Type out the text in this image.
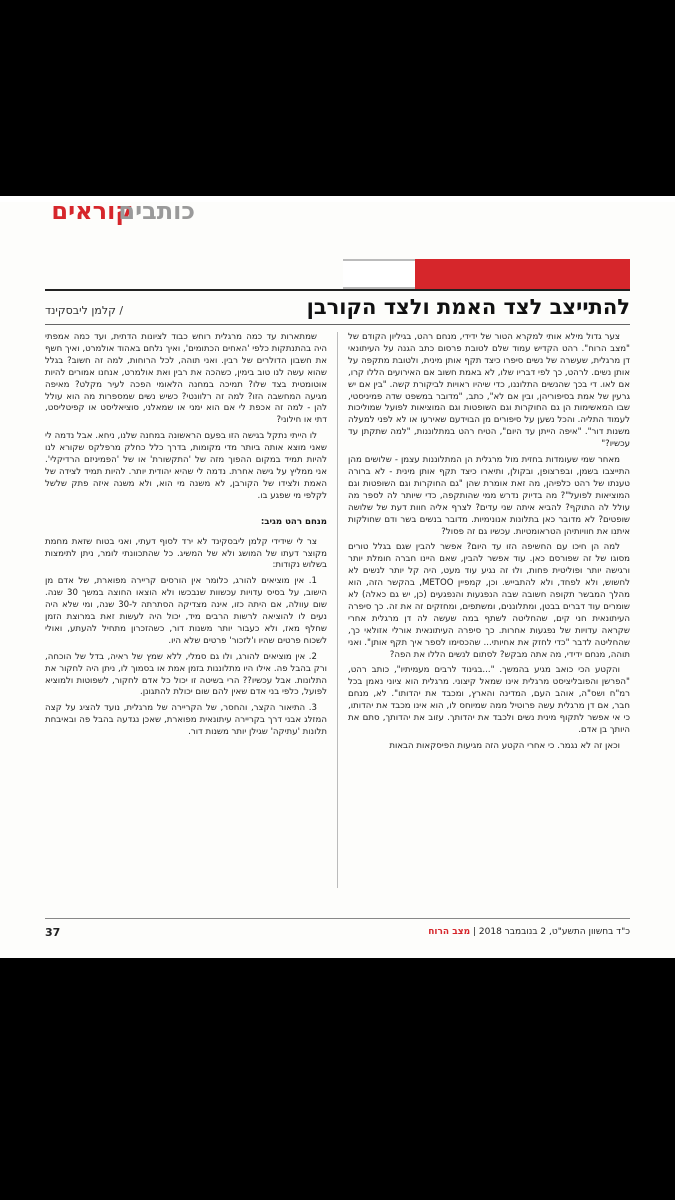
קוראים
כותבים
להתייצב לצד האמת ולצד הקורבן
/ קלמן ליבסקינד

צער גדול מילא אותי למקרא הטור של ידידי, מנחם רהט, בגיליון הקודם של "מצב הרוח". רהט הקדיש עמוד שלם לטובת פרסום כתב הגנה על העיתונאי דן מרגלית, שעשרה של נשים סיפרו כיצד תקף אותן מינית, ולטובת מתקפה על אותן נשים. לרהט, כך לפי דבריו שלו, לא באמת חשוב אם האירועים הללו קרו, אם לאו. די בכך שהנשים התלוננו, כדי שיהיו ראויות לביקורת קשה. "בין אם יש גרעין של אמת בסיפוריהן, ובין אם לא", כתב, "מדובר במשפט שדה פמיניסטי, שבו המאשימות הן גם החוקרות וגם השופטות וגם המוציאות לפועל שמוליכות לעמוד התליה. והכל נשען על סיפורים מן הבוידעם שאירעו או לא לפני למעלה משנות דור". "איפה הייתן עד היום", הטיח רהט במתלוננות, "למה שתקתן עד עכשיו?"

מאחר שמי שעומדות בחזית מול מרגלית הן המתלוננות עצמן - שלושים מהן התייצבו בשמן, ובפרצופן, ובקולן, ותיארו כיצד תקף אותן מינית - לא ברורה טענתו של רהט כלפיהן, מה זאת אומרת שהן "גם החוקרות וגם השופטות וגם המוציאות לפועל"? מה בדיוק נדרש ממי שהותקפה, כדי שיותר לה לספר מה עולל לה התוקף? להביא איתה שני עדים? לצרף אליה חוות דעת של שלושה שופטים? לא מדובר כאן בתלונות אנונימיות. מדובר בנשים בשר ודם שחולקות איתנו את חוויותיהן הטראומטיות. עכשיו גם זה פסול?

למה הן חיכו עם החשיפה הזו עד היום? אפשר להבין שגם בגלל טורים מסוגו של זה שפורסם כאן. עוד אפשר להבין, שאם היינו חברה חומלת יותר ורגישה יותר ופוליטית פחות, ולוּ זה נגיע עוד מעט, היה קל יותר לנשים לא לחשוש, ולא לפחד, ולא להתבייש. וכן, קמפיין METOO, בהקשר הזה, הוא מהלך המבשר תקופה חשובה שבה הנפגעות והנפגעים (כן, יש גם כאלה) לא שומרים עוד דברים בבטן, ומתלוננים, ומשתפים, ומחזקים זה את זה. כך סיפרה העיתונאית חני קים, שהחליטה לשתף במה שעשה לה דן מרגלית אחרי שקראה עדויות של נפגעות אחרות. כך סיפרה העיתונאית אורלי אזולאי כך, שהחליטה לדבר "כדי לחזק את אחיותי... שהכסימו לספר איך תקף אותן". ואני תוהה, מנחם ידידי, מה אתה מבקש? לסתום לנשים הללו את הפה?

והקטע הכי כואב מגיע בהמשך. "...בגינוד לרבים מעמיתיו", כותב רהט, "הפרשן והפובליציסט מרגלית אינו שמאל קיצוני. מרגלית הוא ציוני נאמן בכל רמ"ח ושס"ה, אוהב העם, המדינה והארץ, ומכבד את יהדותו". לא, מנחם חבר, אם דן מרגלית עשה פרוטיל ממה שמיוחס לו, הוא אינו מכבד את יהדותו, כי אי אפשר לתקוף מינית נשים ולכבד את יהדותך. עזוב את יהדותך, סתם את היותך בן אדם.

וכאן זה לא נגמר. כי אחרי הקטע הזה מגיעות הפיסקאות הבאות

שמתארות עד כמה מרגלית רוחש כבוד לציונות הדתית, ועד כמה אמפתי היה בהתנתקות כלפי 'האחים הכתומים', ואיך נלחם באהוד אולמרט, ואיך חשף את חשבון הדולרים של רבין. ואני תוהה, לכל הרוחות, למה זה חשוב? בגלל שהוא עשה לנו טוב בימין, כשהכה את רבין ואת אולמרט, אנחנו אמורים להיות אוטומטית בצד שלו? תמיכה במחנה הלאומי הפכה לעיר מקלט? מאיפה מגיעה המחשבה הזו? למה זה רלוונטי? כשיש נשים שמספרות מה הוא עולל להן - למה זה אכפת לי אם הוא ימני או שמאלני, סוציאליסט או קפיטליסט, דתי או חילוני?

לו הייתי נתקל בגישה הזו בפעם הראשונה במחנה שלנו, ניחא. אבל נדמה לי שאני מוצא אותה ביותר מדי מקומות, בדרך כלל כחלק מרפלקס שקורא לנו להיות תמיד במקום ההפוך מזה של 'התקשורת' או של 'הפמיניזם הרדיקלי'. אני ממליץ על גישה אחרת. נדמה לי שהיא יהודית יותר. להיות תמיד לצידה של האמת ולצידו של הקורבן, לא משנה מי הוא, ולא משנה איזה פתק שלשל לקלפי מי שפגע בו.

מנחם רהט מגיב:

צר לי שידידי קלמן ליבסקינד לא ירד לסוף דעתי, ואני בטוח שזאת מחמת מקוצר דעתו של המושג ולא של המשיג. כל שהתכוונתי לומר, ניתן לתימצות בשלוש נקודות:

1. אין מוציאים להורג, כלומר אין הורסים קריירה מפוארת, של אדם מן הישוב, על בסיס עדויות עכשוות שנבכשו ולא הוצאו החוצה במשך 30 שנה. שום עוולה, אם היתה כזו, אינה מצדיקה הסתרתה ל-30 שנה, ומי שלא היה נעים לו להוציאה לרשות הרבים מיד, יכול היה לעשות זאת במרוצת הזמן שחלף מאז, ולא כעבור יותר משנות דור, כשהזכרון מתחיל להעתע, ואולי לשכוח פרטים שהיו ו'לזכור' פרטים שלא היו.

2. אין מוציאים להורג, ולו גם סמלי, ללא שמץ של ראיה, בדל של הוכחה, ורק בהבל פה. אילו היו מתלוננות בזמן אמת או בסמוך לו, ניתן היה לחקור את התלונות. אבל עכשיו?? הרי בשיטה זו יכול כל אדם לחקור, לשפוטות ולמוציא לפועל, כלפי בני אדם שאין להם שום יכולת להתגונן.

3. התיאור הקצר, והחסר, של הקריירה של מרגלית, נועד להציג על קצה המזלג אבני דרך בקריירה עיתונאית מפוארת, שאכן נגדעה בהבל פה ובאיבחת תלונות 'עתיקה' שגילן יותר משנות דור.

37	כ"ד בחשוון התשע"ט, 2 בנובמבר 2018 | מצב הרוח
